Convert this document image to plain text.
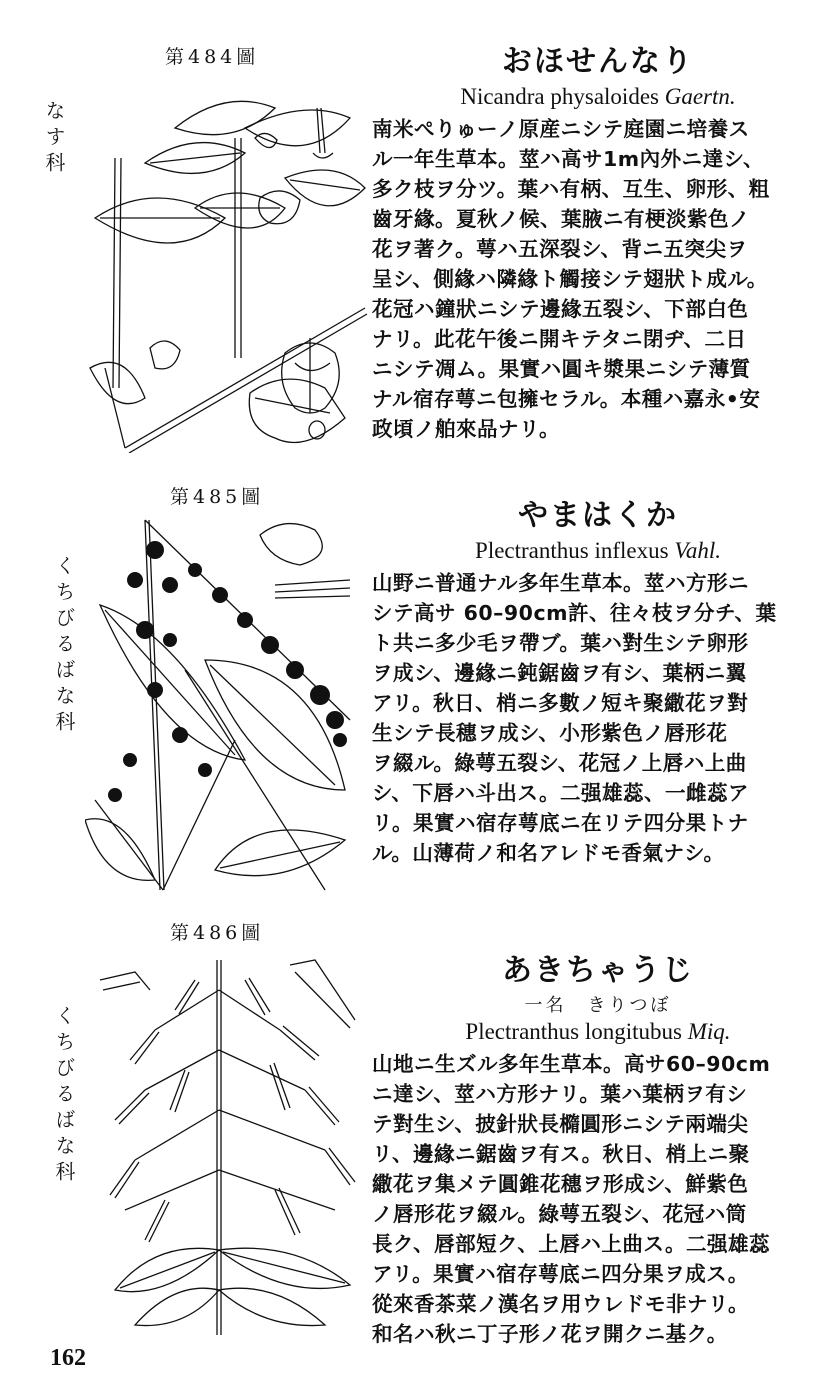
第484圖
なす科
おほせんなり
Nicandra physaloides Gaertn.
南米ぺりゅーノ原産ニシテ庭園ニ培養ス
ル一年生草本。莖ハ高サ1m內外ニ達シ、
多ク枝ヲ分ツ。葉ハ有柄、互生、卵形、粗
齒牙緣。夏秋ノ候、葉腋ニ有梗淡紫色ノ
花ヲ著ク。萼ハ五深裂シ、背ニ五突尖ヲ
呈シ、側緣ハ隣緣ト觸接シテ翅狀ト成ル。
花冠ハ鐘狀ニシテ邊緣五裂シ、下部白色
ナリ。此花午後ニ開キテタニ閉ヂ、二日
ニシテ凋ム。果實ハ圓キ漿果ニシテ薄質
ナル宿存萼ニ包擁セラル。本種ハ嘉永•安
政頃ノ舶來品ナリ。
第485圖
くちびるばな科
やまはくか
Plectranthus inflexus Vahl.
山野ニ普通ナル多年生草本。莖ハ方形ニ
シテ高サ 60–90cm許、往々枝ヲ分チ、葉
ト共ニ多少毛ヲ帶ブ。葉ハ對生シテ卵形
ヲ成シ、邊緣ニ鈍鋸齒ヲ有シ、葉柄ニ翼
アリ。秋日、梢ニ多數ノ短キ聚繖花ヲ對
生シテ長穗ヲ成シ、小形紫色ノ唇形花
ヲ綴ル。綠萼五裂シ、花冠ノ上唇ハ上曲
シ、下唇ハ斗出ス。二强雄蕊、一雌蕊ア
リ。果實ハ宿存萼底ニ在リテ四分果トナ
ル。山薄荷ノ和名アレドモ香氣ナシ。
第486圖
くちびるばな科
あきちゃうじ
一名　きりつぼ
Plectranthus longitubus Miq.
山地ニ生ズル多年生草本。高サ60–90cm
ニ達シ、莖ハ方形ナリ。葉ハ葉柄ヲ有シ
テ對生シ、披針狀長橢圓形ニシテ兩端尖
リ、邊緣ニ鋸齒ヲ有ス。秋日、梢上ニ聚
繖花ヲ集メテ圓錐花穗ヲ形成シ、鮮紫色
ノ唇形花ヲ綴ル。綠萼五裂シ、花冠ハ筒
長ク、唇部短ク、上唇ハ上曲ス。二强雄蕊
アリ。果實ハ宿存萼底ニ四分果ヲ成ス。
從來香茶菜ノ漢名ヲ用ウレドモ非ナリ。
和名ハ秋ニ丁子形ノ花ヲ開クニ基ク。
162
